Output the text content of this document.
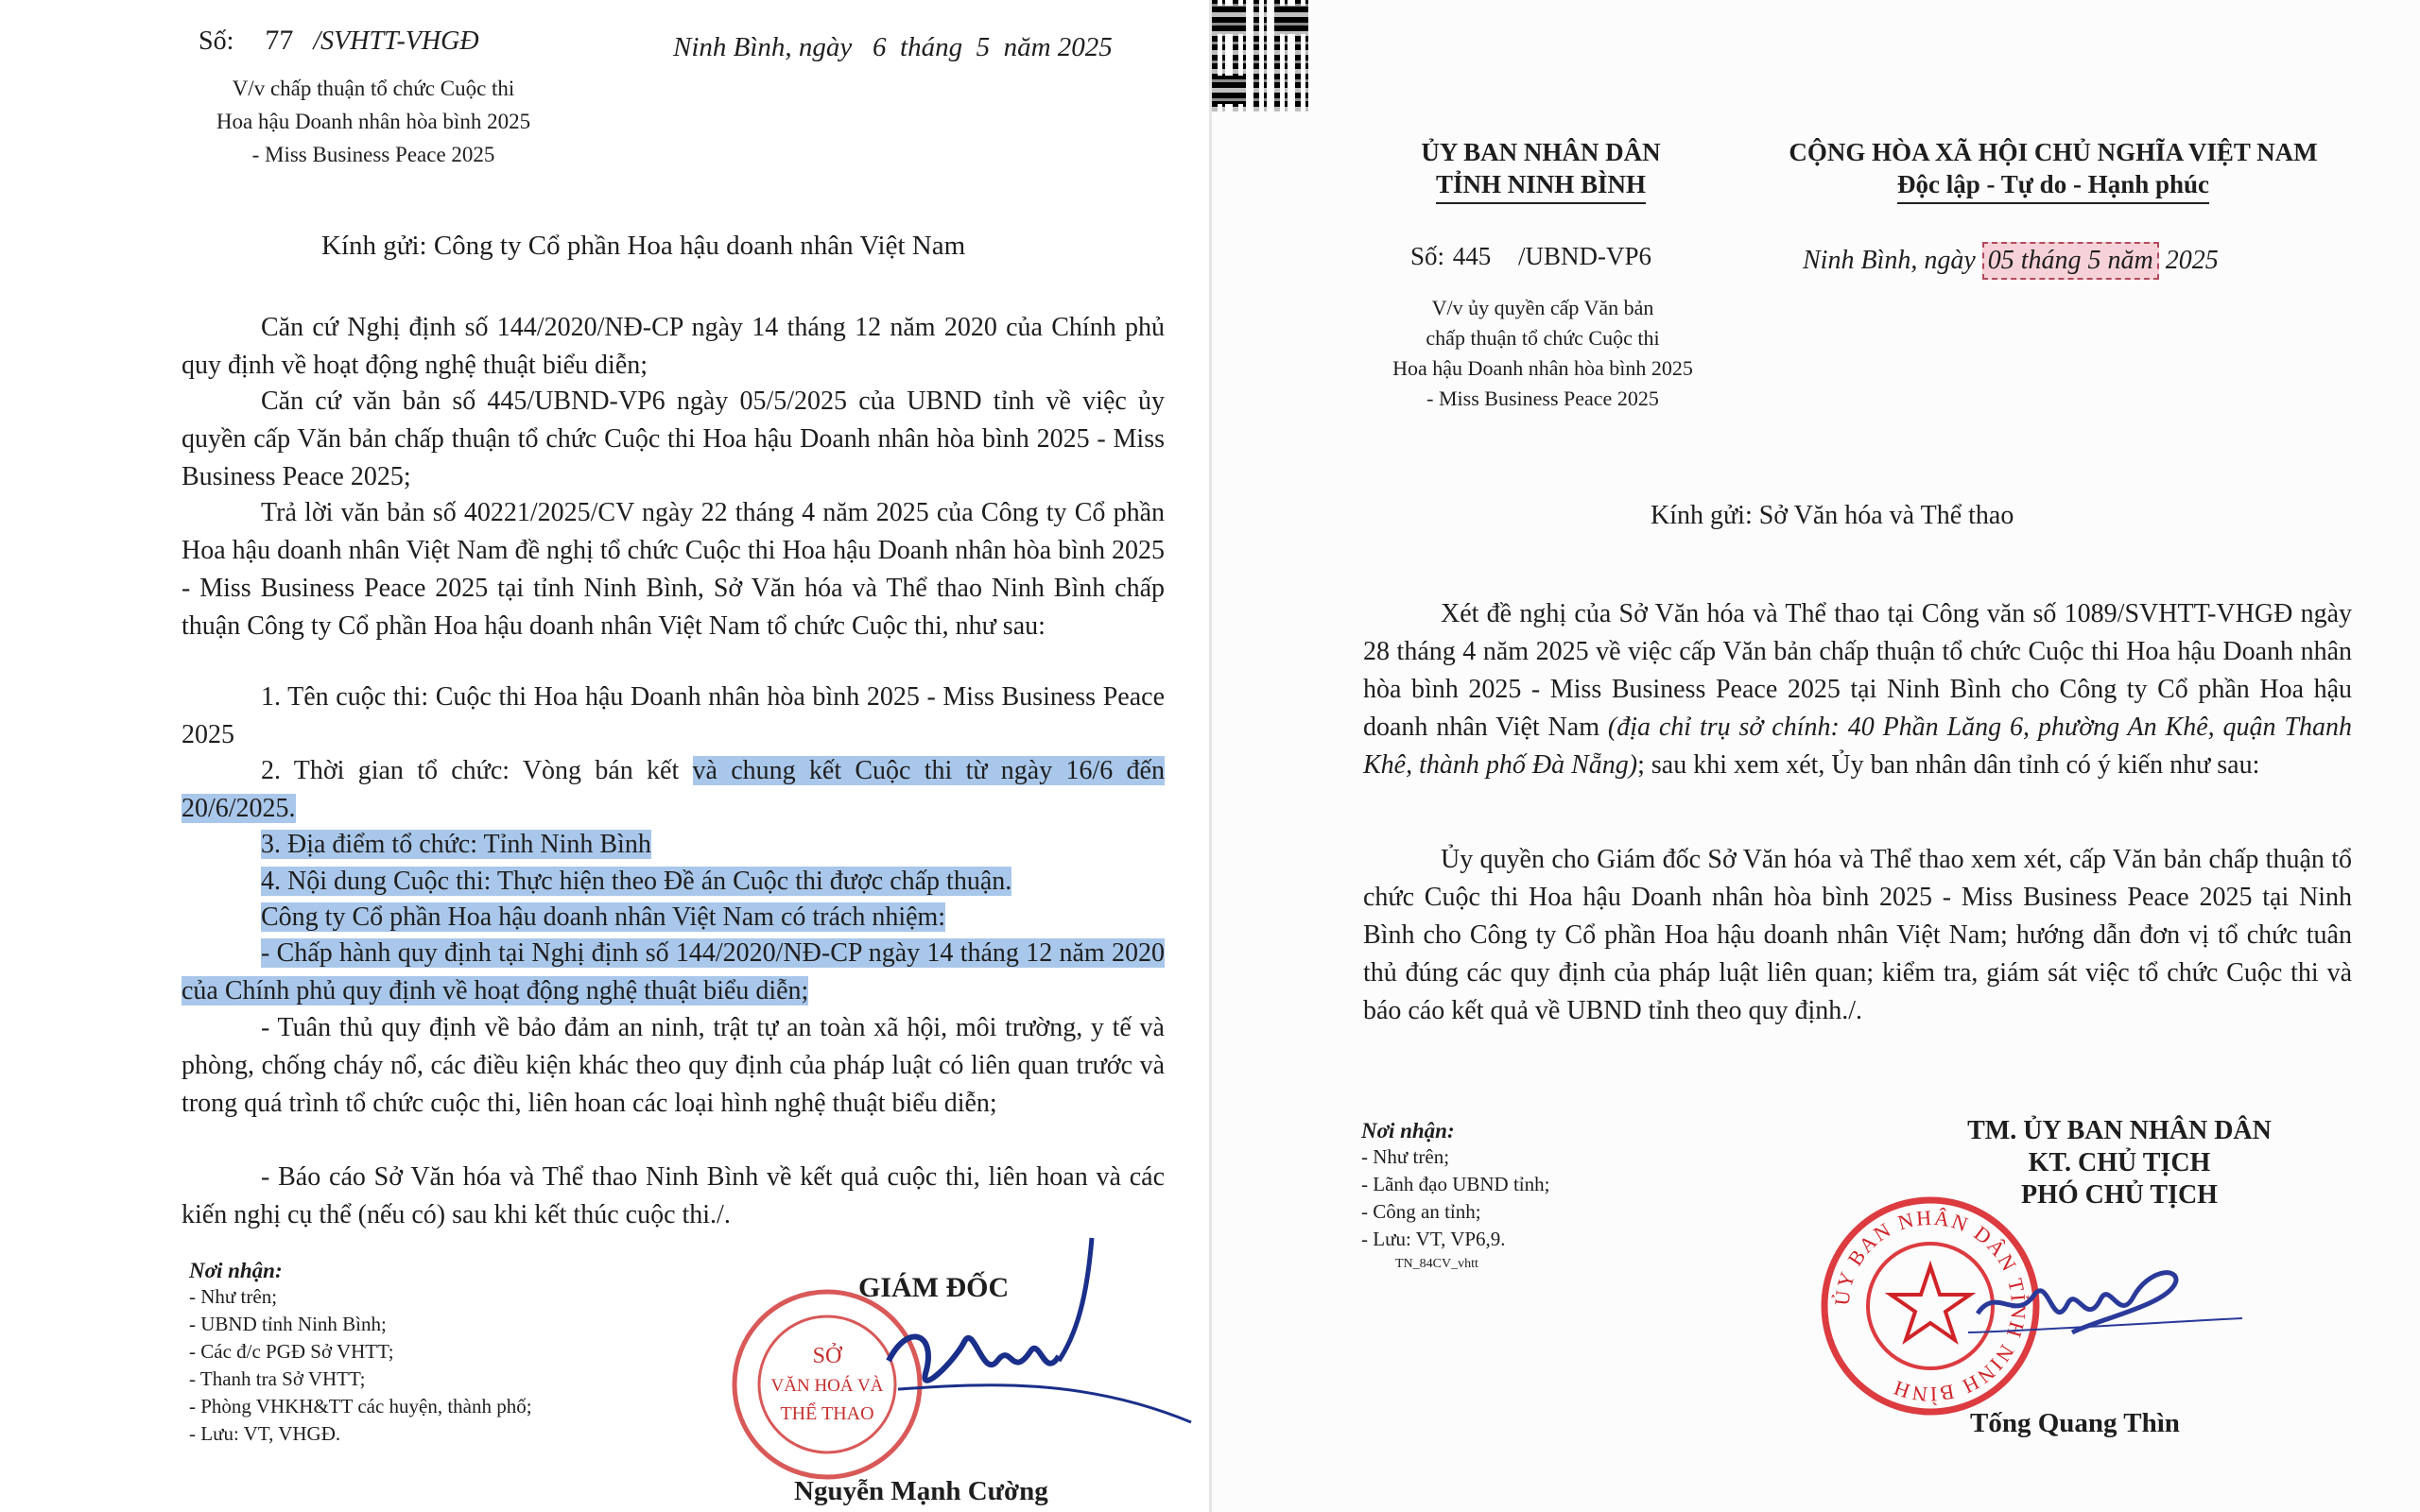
Số: 77 /SVHTT-VHGĐ	Ninh Bình, ngày   6  tháng  5  năm 2025
V/v chấp thuận tổ chức Cuộc thi
Hoa hậu Doanh nhân hòa bình 2025
- Miss Business Peace 2025
Kính gửi: Công ty Cổ phần Hoa hậu doanh nhân Việt Nam
Căn cứ Nghị định số 144/2020/NĐ-CP ngày 14 tháng 12 năm 2020 của Chính phủ quy định về hoạt động nghệ thuật biểu diễn;
Căn cứ văn bản số 445/UBND-VP6 ngày 05/5/2025 của UBND tỉnh về việc ủy quyền cấp Văn bản chấp thuận tổ chức Cuộc thi Hoa hậu Doanh nhân hòa bình 2025 - Miss Business Peace 2025;
Trả lời văn bản số 40221/2025/CV ngày 22 tháng 4 năm 2025 của Công ty Cổ phần Hoa hậu doanh nhân Việt Nam đề nghị tổ chức Cuộc thi Hoa hậu Doanh nhân hòa bình 2025 - Miss Business Peace 2025 tại tỉnh Ninh Bình, Sở Văn hóa và Thể thao Ninh Bình chấp thuận Công ty Cổ phần Hoa hậu doanh nhân Việt Nam tổ chức Cuộc thi, như sau:
1. Tên cuộc thi: Cuộc thi Hoa hậu Doanh nhân hòa bình 2025 - Miss Business Peace 2025
2. Thời gian tổ chức: Vòng bán kết và chung kết Cuộc thi từ ngày 16/6 đến 20/6/2025.
3. Địa điểm tổ chức: Tỉnh Ninh Bình
4. Nội dung Cuộc thi: Thực hiện theo Đề án Cuộc thi được chấp thuận.
Công ty Cổ phần Hoa hậu doanh nhân Việt Nam có trách nhiệm:
- Chấp hành quy định tại Nghị định số 144/2020/NĐ-CP ngày 14 tháng 12 năm 2020 của Chính phủ quy định về hoạt động nghệ thuật biểu diễn;
- Tuân thủ quy định về bảo đảm an ninh, trật tự an toàn xã hội, môi trường, y tế và phòng, chống cháy nổ, các điều kiện khác theo quy định của pháp luật có liên quan trước và trong quá trình tổ chức cuộc thi, liên hoan các loại hình nghệ thuật biểu diễn;
- Báo cáo Sở Văn hóa và Thể thao Ninh Bình về kết quả cuộc thi, liên hoan và các kiến nghị cụ thể (nếu có) sau khi kết thúc cuộc thi./.
Nơi nhận:
- Như trên;
- UBND tỉnh Ninh Bình;
- Các đ/c PGĐ Sở VHTT;
- Thanh tra Sở VHTT;
- Phòng VHKH&TT các huyện, thành phố;
- Lưu: VT, VHGĐ.
GIÁM ĐỐC
SỞ
VĂN HOÁ VÀ
THỂ THAO
Nguyễn Mạnh Cường
ỦY BAN NHÂN DÂN
TỈNH NINH BÌNH
CỘNG HÒA XÃ HỘI CHỦ NGHĨA VIỆT NAM
Độc lập - Tự do - Hạnh phúc
Số: 445 /UBND-VP6	Ninh Bình, ngày 05 tháng 5 năm 2025
V/v ủy quyền cấp Văn bản
chấp thuận tổ chức Cuộc thi
Hoa hậu Doanh nhân hòa bình 2025
- Miss Business Peace 2025
Kính gửi: Sở Văn hóa và Thể thao
Xét đề nghị của Sở Văn hóa và Thể thao tại Công văn số 1089/SVHTT-VHGĐ ngày 28 tháng 4 năm 2025 về việc cấp Văn bản chấp thuận tổ chức Cuộc thi Hoa hậu Doanh nhân hòa bình 2025 - Miss Business Peace 2025 tại Ninh Bình cho Công ty Cổ phần Hoa hậu doanh nhân Việt Nam (địa chỉ trụ sở chính: 40 Phần Lăng 6, phường An Khê, quận Thanh Khê, thành phố Đà Nẵng); sau khi xem xét, Ủy ban nhân dân tỉnh có ý kiến như sau:
Ủy quyền cho Giám đốc Sở Văn hóa và Thể thao xem xét, cấp Văn bản chấp thuận tổ chức Cuộc thi Hoa hậu Doanh nhân hòa bình 2025 - Miss Business Peace 2025 tại Ninh Bình cho Công ty Cổ phần Hoa hậu doanh nhân Việt Nam; hướng dẫn đơn vị tổ chức tuân thủ đúng các quy định của pháp luật liên quan; kiểm tra, giám sát việc tổ chức Cuộc thi và báo cáo kết quả về UBND tỉnh theo quy định./.
Nơi nhận:
- Như trên;
- Lãnh đạo UBND tỉnh;
- Công an tỉnh;
- Lưu: VT, VP6,9.
TN_84CV_vhtt
TM. ỦY BAN NHÂN DÂN
KT. CHỦ TỊCH
PHÓ CHỦ TỊCH
ỦY BAN NHÂN DÂN TỈNH NINH BÌNH
Tống Quang Thìn
